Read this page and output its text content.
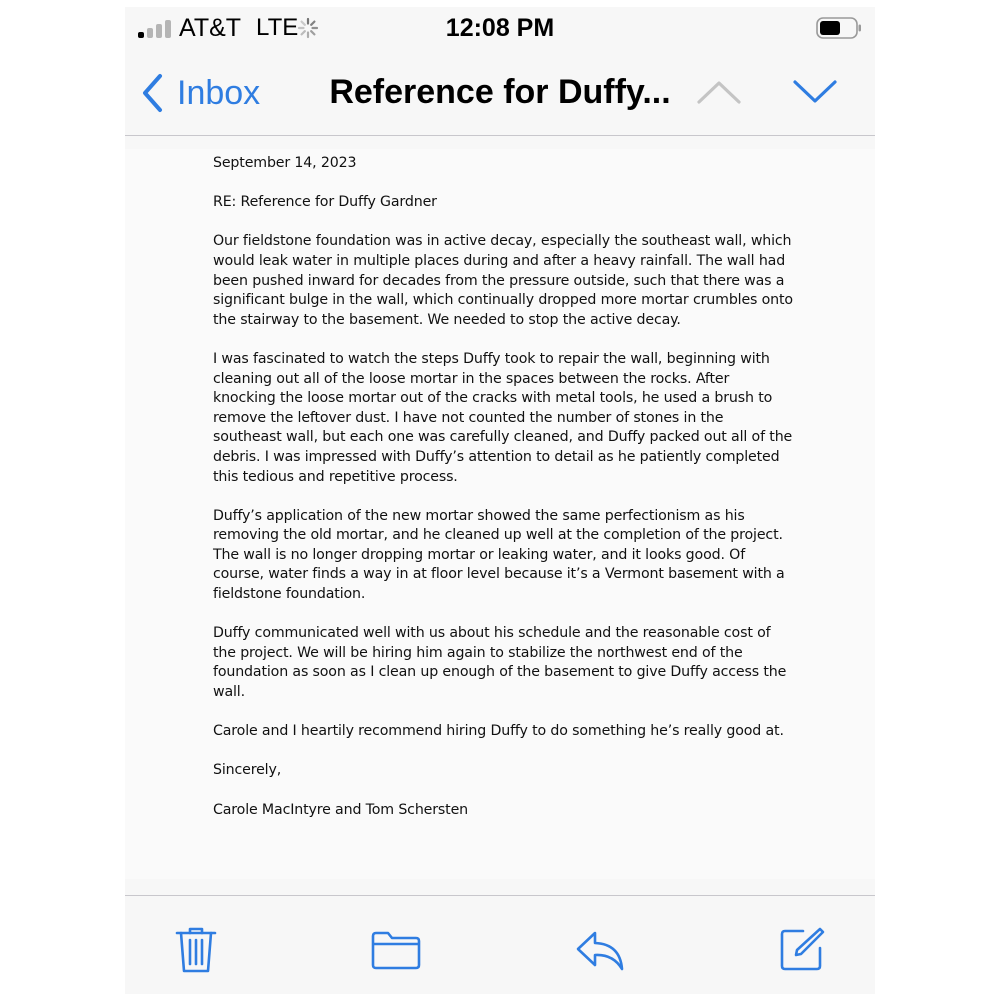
AT&T LTE	12:08 PM
Inbox Reference for Duffy...

September 14, 2023

RE: Reference for Duffy Gardner

Our fieldstone foundation was in active decay, especially the southeast wall, which would leak water in multiple places during and after a heavy rainfall. The wall had been pushed inward for decades from the pressure outside, such that there was a significant bulge in the wall, which continually dropped more mortar crumbles onto the stairway to the basement. We needed to stop the active decay.

I was fascinated to watch the steps Duffy took to repair the wall, beginning with cleaning out all of the loose mortar in the spaces between the rocks. After knocking the loose mortar out of the cracks with metal tools, he used a brush to remove the leftover dust. I have not counted the number of stones in the southeast wall, but each one was carefully cleaned, and Duffy packed out all of the debris. I was impressed with Duffy’s attention to detail as he patiently completed this tedious and repetitive process.

Duffy’s application of the new mortar showed the same perfectionism as his removing the old mortar, and he cleaned up well at the completion of the project. The wall is no longer dropping mortar or leaking water, and it looks good. Of course, water finds a way in at floor level because it’s a Vermont basement with a fieldstone foundation.

Duffy communicated well with us about his schedule and the reasonable cost of the project. We will be hiring him again to stabilize the northwest end of the foundation as soon as I clean up enough of the basement to give Duffy access the wall.

Carole and I heartily recommend hiring Duffy to do something he’s really good at.

Sincerely,

Carole MacIntyre and Tom Schersten
